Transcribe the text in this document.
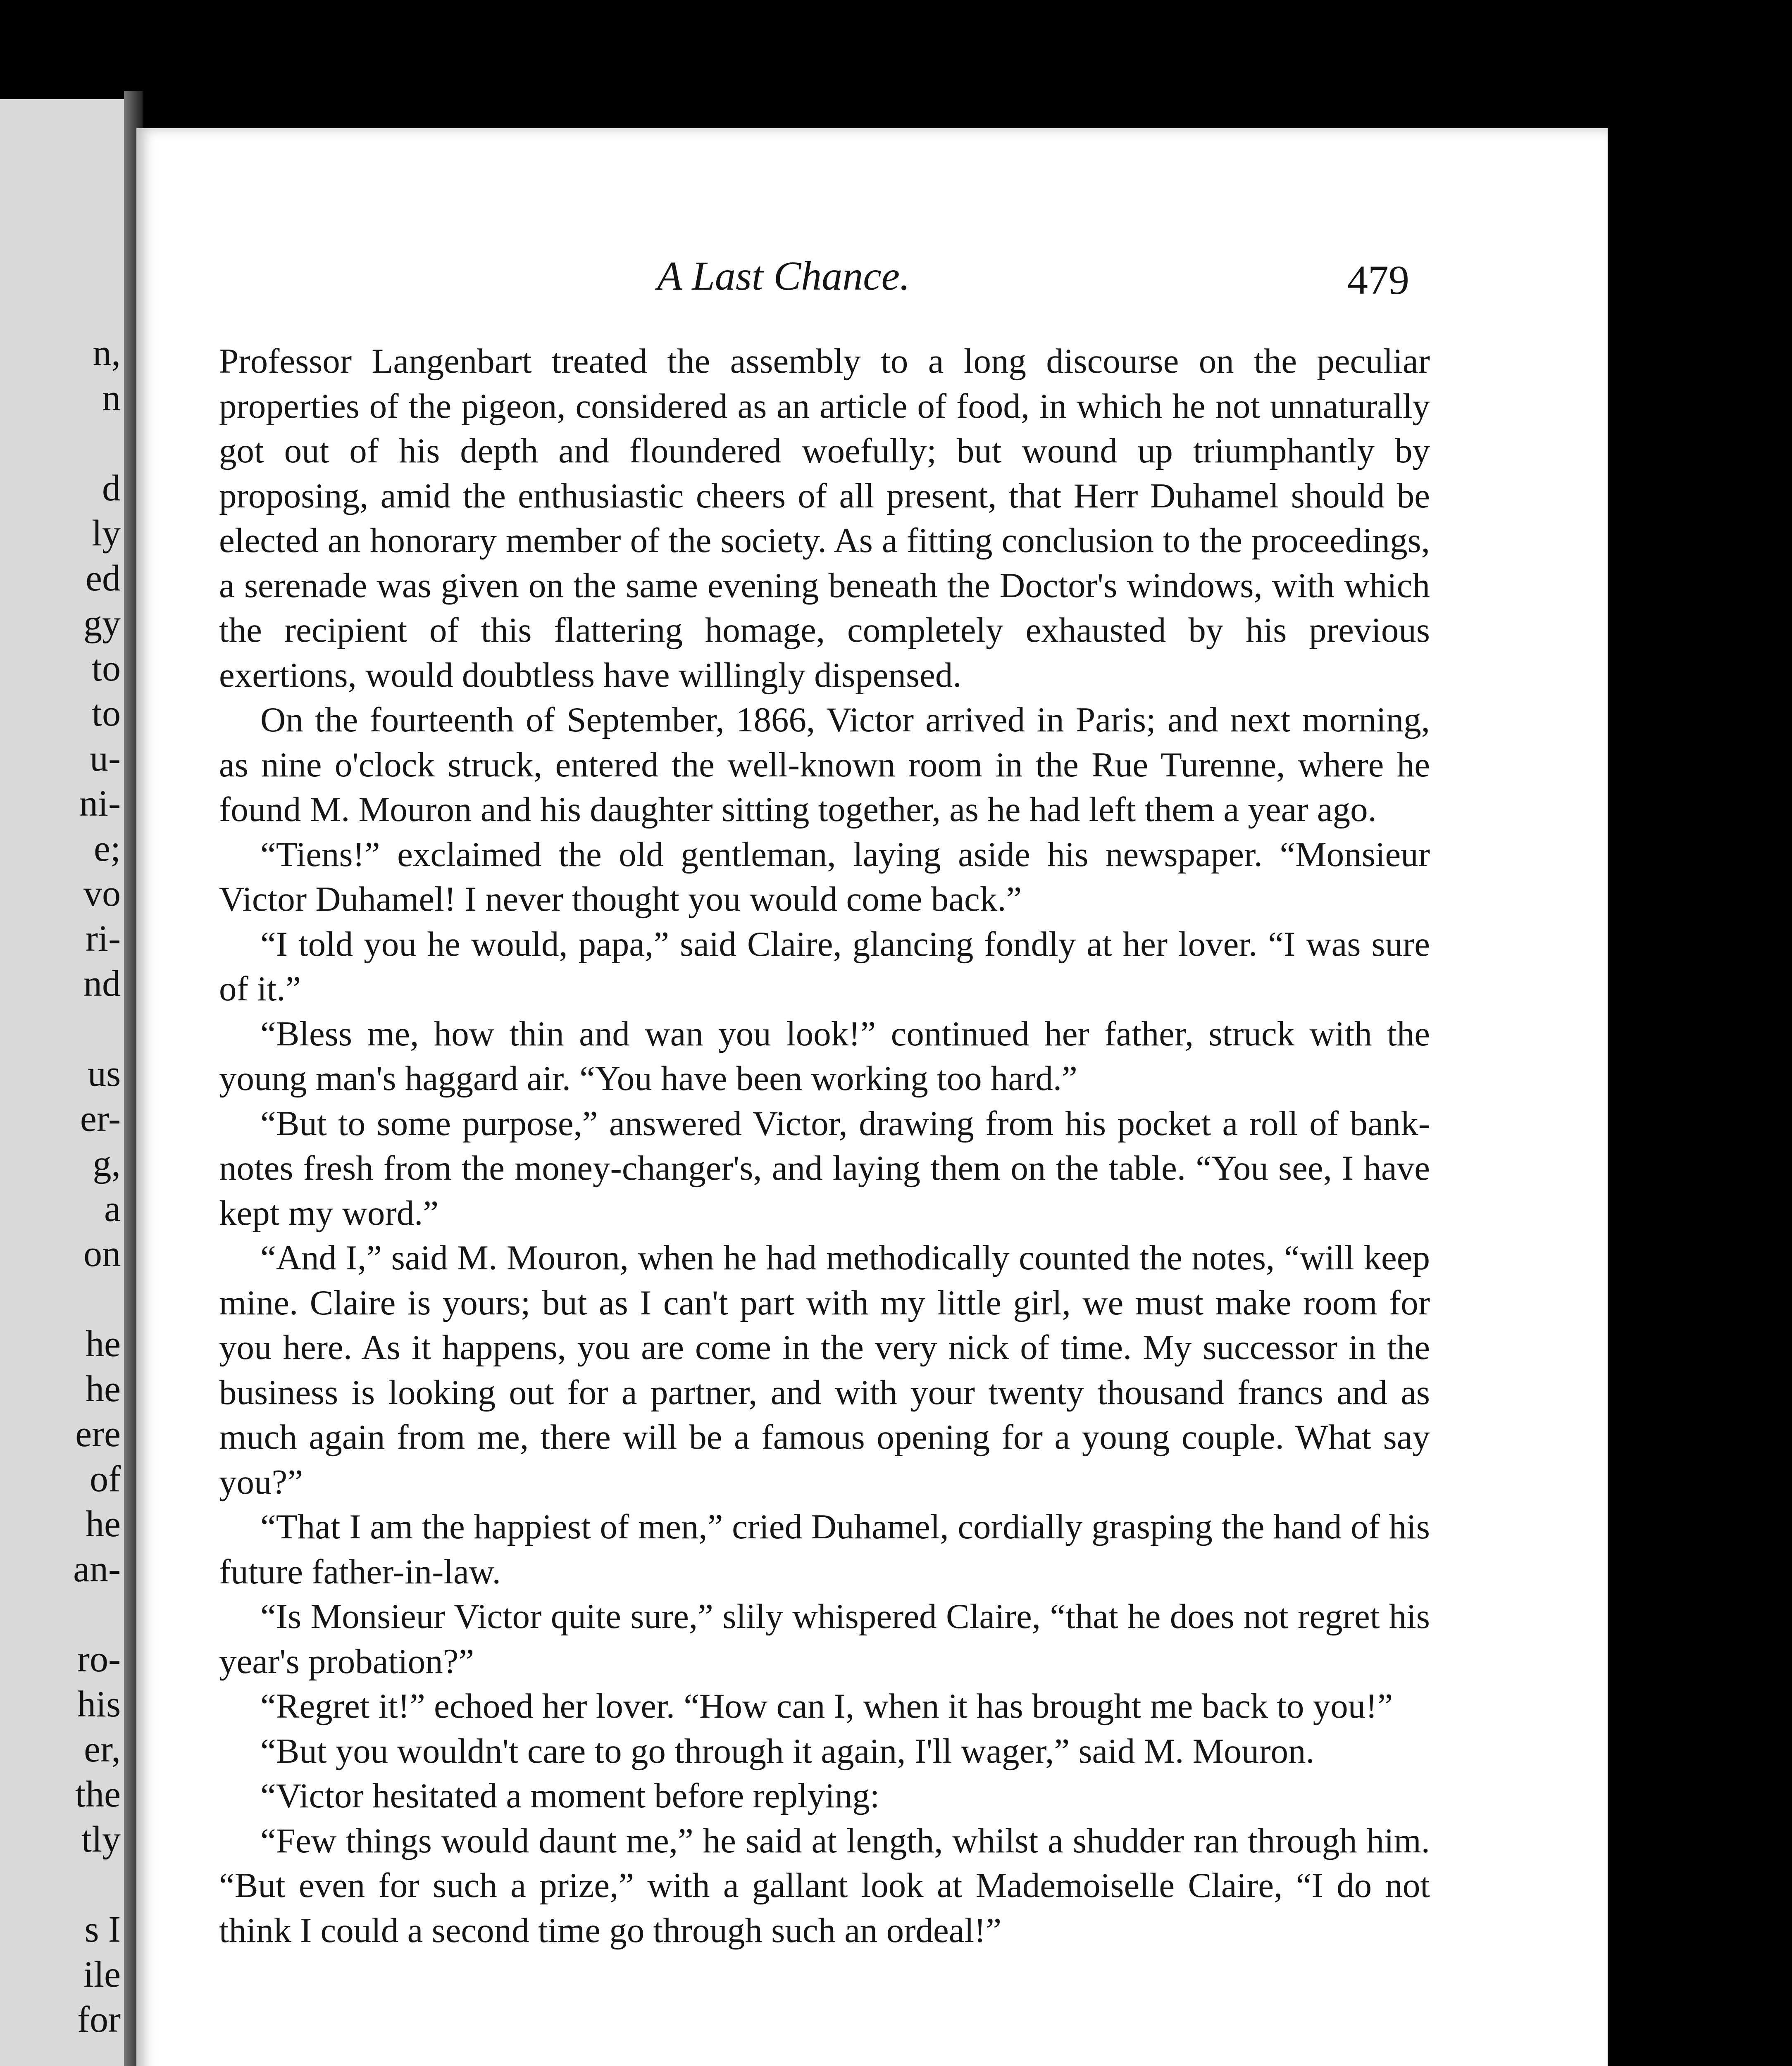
n,
n
d
ly
ed
gy
to
to
u-
ni-
e;
vo
ri-
nd
us
er-
g,
a
on
he
he
ere
of
he
an-
ro-
his
er,
the
tly
s I
ile
for
A Last Chance.	479

Professor Langenbart treated the assembly to a long discourse on the peculiar properties of the pigeon, considered as an article of food, in which he not unnaturally got out of his depth and floundered woefully; but wound up triumphantly by proposing, amid the enthusiastic cheers of all present, that Herr Duhamel should be elected an honorary member of the society. As a fitting conclusion to the proceedings, a serenade was given on the same evening beneath the Doctor's windows, with which the recipient of this flattering homage, completely exhausted by his previous exertions, would doubtless have willingly dispensed.

On the fourteenth of September, 1866, Victor arrived in Paris; and next morning, as nine o'clock struck, entered the well-known room in the Rue Turenne, where he found M. Mouron and his daughter sitting together, as he had left them a year ago.

“Tiens!” exclaimed the old gentleman, laying aside his newspaper. “Monsieur Victor Duhamel! I never thought you would come back.”

“I told you he would, papa,” said Claire, glancing fondly at her lover. “I was sure of it.”

“Bless me, how thin and wan you look!” continued her father, struck with the young man's haggard air. “You have been working too hard.”

“But to some purpose,” answered Victor, drawing from his pocket a roll of bank-notes fresh from the money-changer's, and laying them on the table. “You see, I have kept my word.”

“And I,” said M. Mouron, when he had methodically counted the notes, “will keep mine. Claire is yours; but as I can't part with my little girl, we must make room for you here. As it happens, you are come in the very nick of time. My successor in the business is looking out for a partner, and with your twenty thousand francs and as much again from me, there will be a famous opening for a young couple. What say you?”

“That I am the happiest of men,” cried Duhamel, cordially grasping the hand of his future father-in-law.

“Is Monsieur Victor quite sure,” slily whispered Claire, “that he does not regret his year's probation?”

“Regret it!” echoed her lover. “How can I, when it has brought me back to you!”

“But you wouldn't care to go through it again, I'll wager,” said M. Mouron.

“Victor hesitated a moment before replying:

“Few things would daunt me,” he said at length, whilst a shudder ran through him. “But even for such a prize,” with a gallant look at Mademoiselle Claire, “I do not think I could a second time go through such an ordeal!”
